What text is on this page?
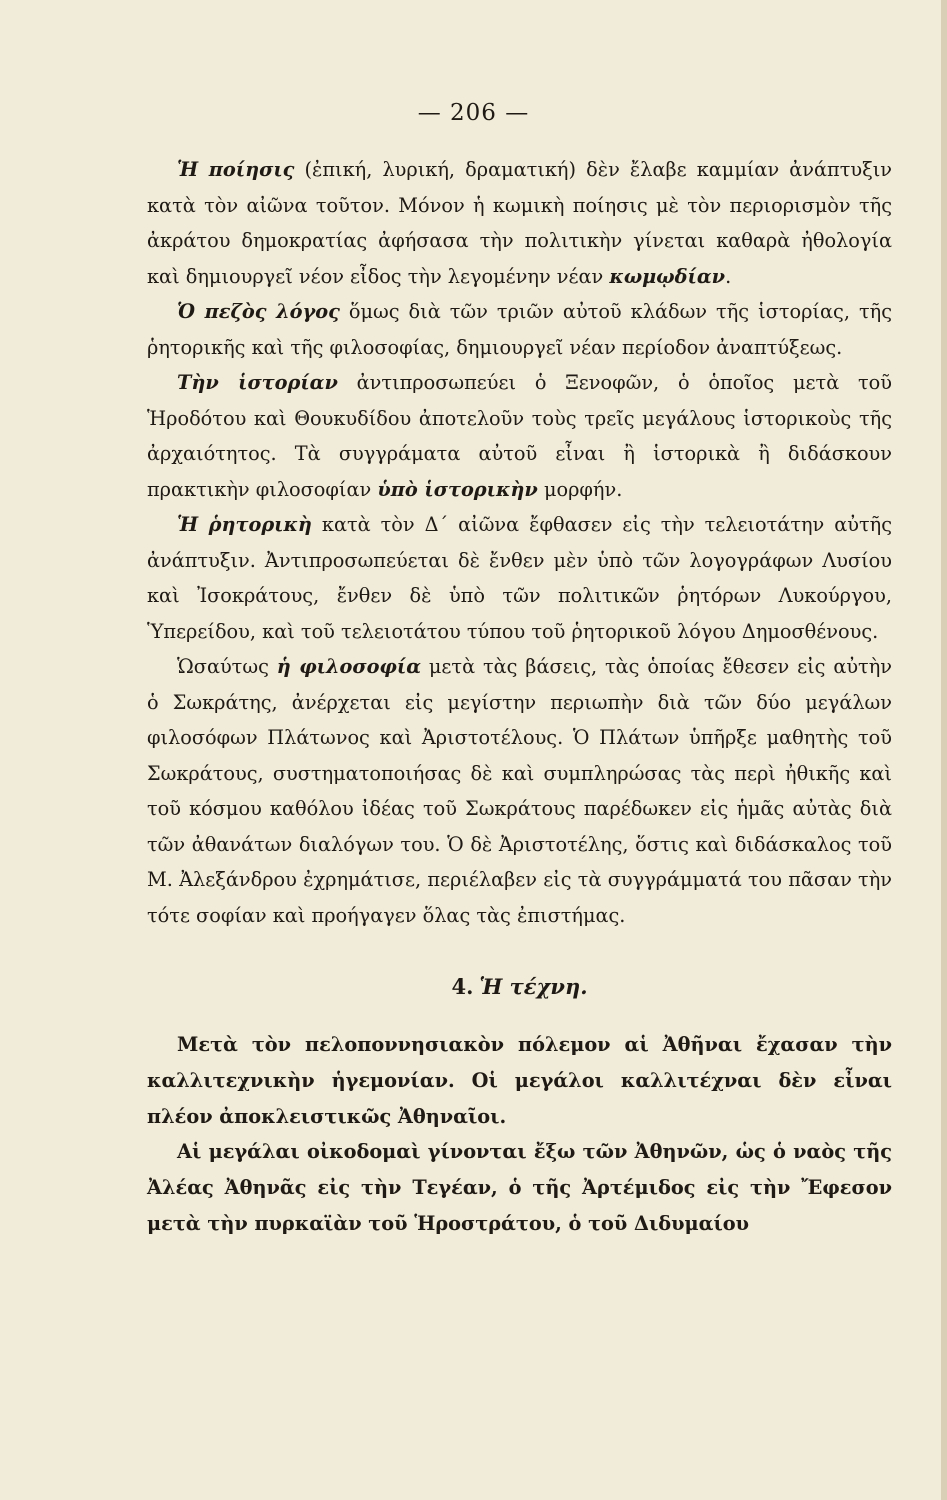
— 206 —

Ἡ ποίησις (ἐπική, λυρική, δραματική) δὲν ἔλαβε καμμίαν ἀνάπτυξιν κατὰ τὸν αἰῶνα τοῦτον. Μόνον ἡ κωμικὴ ποίησις μὲ τὸν περιορισμὸν τῆς ἀκράτου δημοκρατίας ἀφήσασα τὴν πολιτικὴν γίνεται καθαρὰ ἠθολογία καὶ δημιουργεῖ νέον εἶδος τὴν λεγομένην νέαν κωμῳδίαν.

Ὁ πεζὸς λόγος ὅμως διὰ τῶν τριῶν αὐτοῦ κλάδων τῆς ἱστορίας, τῆς ῥητορικῆς καὶ τῆς φιλοσοφίας, δημιουργεῖ νέαν περίοδον ἀναπτύξεως.

Τὴν ἱστορίαν ἀντιπροσωπεύει ὁ Ξενοφῶν, ὁ ὁποῖος μετὰ τοῦ Ἡροδότου καὶ Θουκυδίδου ἀποτελοῦν τοὺς τρεῖς μεγάλους ἱστορικοὺς τῆς ἀρχαιότητος. Τὰ συγγράματα αὐτοῦ εἶναι ἢ ἱστορικὰ ἢ διδάσκουν πρακτικὴν φιλοσοφίαν ὑπὸ ἱστορικὴν μορφήν.

Ἡ ῥητορικὴ κατὰ τὸν Δ΄ αἰῶνα ἔφθασεν εἰς τὴν τελειοτάτην αὐτῆς ἀνάπτυξιν. Ἀντιπροσωπεύεται δὲ ἔνθεν μὲν ὑπὸ τῶν λογογράφων Λυσίου καὶ Ἰσοκράτους, ἔνθεν δὲ ὑπὸ τῶν πολιτικῶν ῥητόρων Λυκούργου, Ὑπερείδου, καὶ τοῦ τελειοτάτου τύπου τοῦ ῥητορικοῦ λόγου Δημοσθένους.

Ὡσαύτως ἡ φιλοσοφία μετὰ τὰς βάσεις, τὰς ὁποίας ἔθεσεν εἰς αὐτὴν ὁ Σωκράτης, ἀνέρχεται εἰς μεγίστην περιωπὴν διὰ τῶν δύο μεγάλων φιλοσόφων Πλάτωνος καὶ Ἀριστοτέλους. Ὁ Πλάτων ὑπῆρξε μαθητὴς τοῦ Σωκράτους, συστηματοποιήσας δὲ καὶ συμπληρώσας τὰς περὶ ἠθικῆς καὶ τοῦ κόσμου καθόλου ἰδέας τοῦ Σωκράτους παρέδωκεν εἰς ἡμᾶς αὐτὰς διὰ τῶν ἀθανάτων διαλόγων του. Ὁ δὲ Ἀριστοτέλης, ὅστις καὶ διδάσκαλος τοῦ Μ. Ἀλεξάνδρου ἐχρημάτισε, περιέλαβεν εἰς τὰ συγγράμματά του πᾶσαν τὴν τότε σοφίαν καὶ προήγαγεν ὅλας τὰς ἐπιστήμας.

4. Ἡ τέχνη.

Μετὰ τὸν πελοποννησιακὸν πόλεμον αἱ Ἀθῆναι ἔχασαν τὴν καλλιτεχνικὴν ἡγεμονίαν. Οἱ μεγάλοι καλλιτέχναι δὲν εἶναι πλέον ἀποκλειστικῶς Ἀθηναῖοι.

Αἱ μεγάλαι οἰκοδομαὶ γίνονται ἔξω τῶν Ἀθηνῶν, ὡς ὁ ναὸς τῆς Ἀλέας Ἀθηνᾶς εἰς τὴν Τεγέαν, ὁ τῆς Ἀρτέμιδος εἰς τὴν Ἔφεσον μετὰ τὴν πυρκαϊὰν τοῦ Ἡροστράτου, ὁ τοῦ Διδυμαίου
